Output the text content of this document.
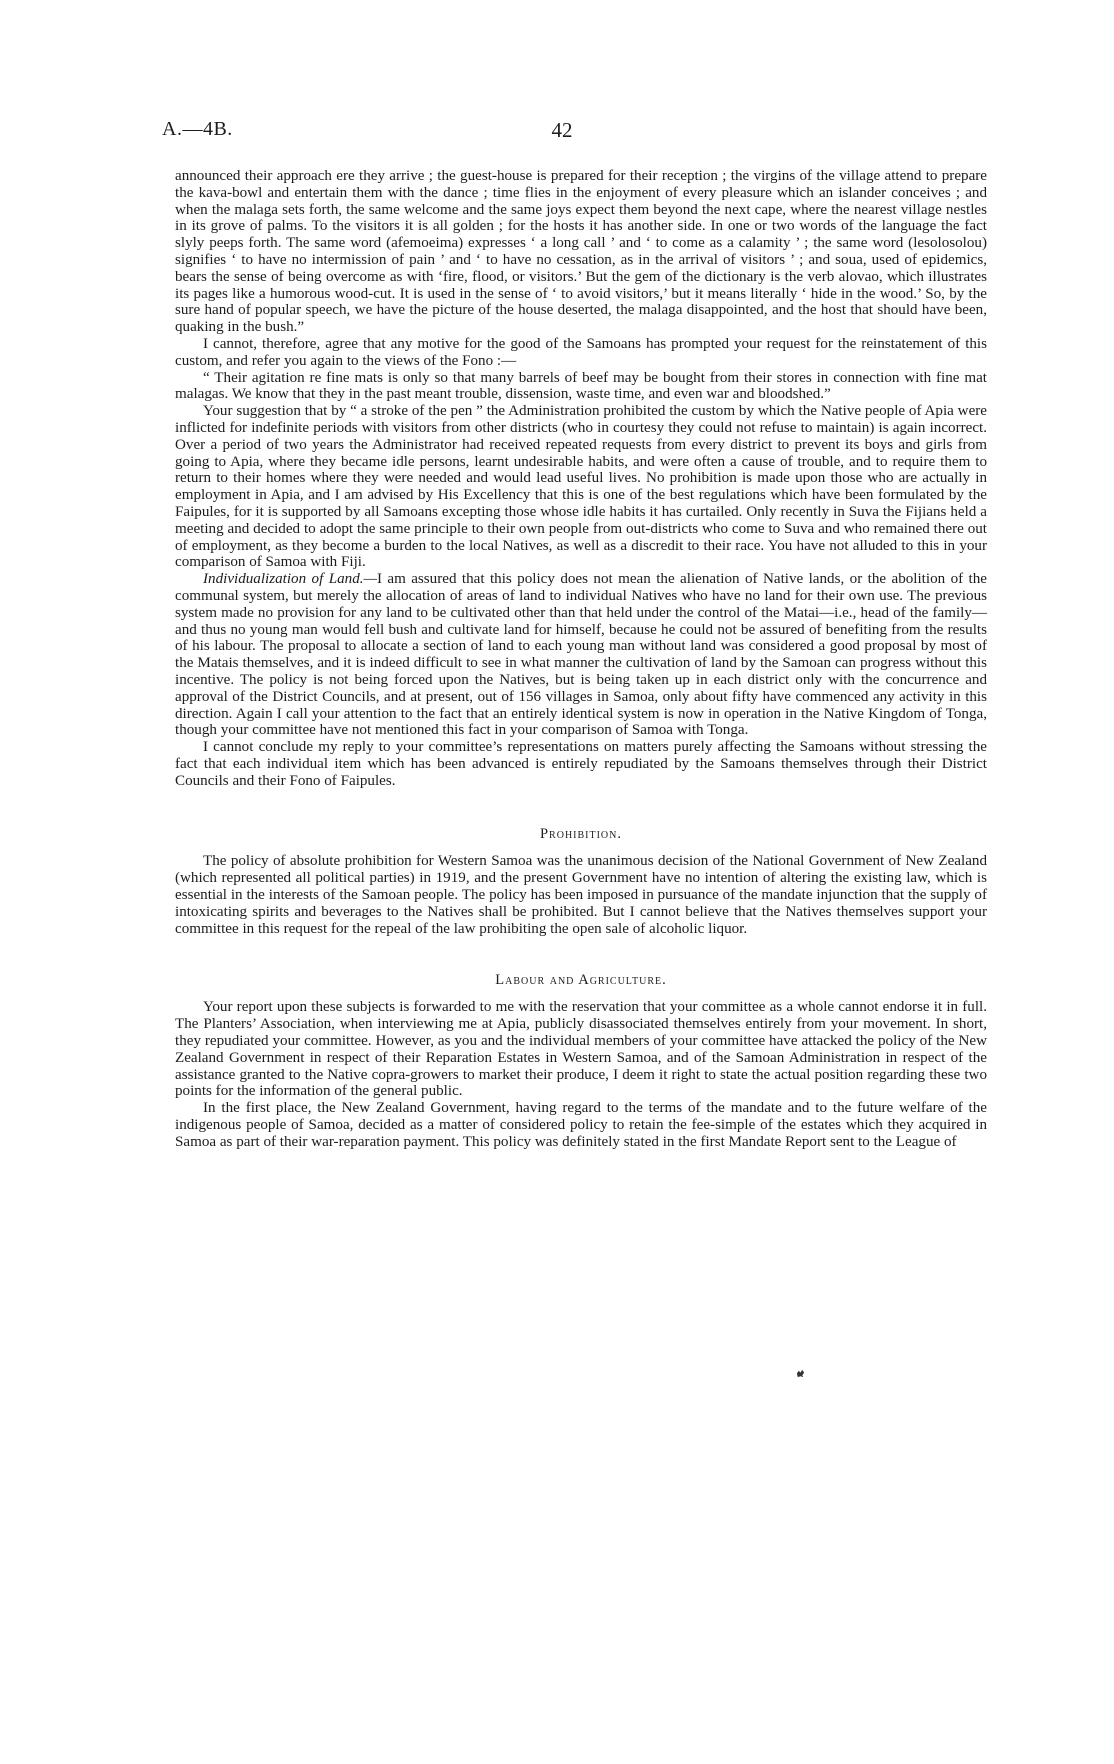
A.—4B.	42

announced their approach ere they arrive ; the guest-house is prepared for their reception ; the virgins of the village attend to prepare the kava-bowl and entertain them with the dance ; time flies in the enjoyment of every pleasure which an islander conceives ; and when the malaga sets forth, the same welcome and the same joys expect them beyond the next cape, where the nearest village nestles in its grove of palms. To the visitors it is all golden ; for the hosts it has another side. In one or two words of the language the fact slyly peeps forth. The same word (afemoeima) expresses ‘ a long call ’ and ‘ to come as a calamity ’ ; the same word (lesolosolou) signifies ‘ to have no intermission of pain ’ and ‘ to have no cessation, as in the arrival of visitors ’ ; and soua, used of epidemics, bears the sense of being overcome as with ‘fire, flood, or visitors.’ But the gem of the dictionary is the verb alovao, which illustrates its pages like a humorous wood-cut. It is used in the sense of ‘ to avoid visitors,’ but it means literally ‘ hide in the wood.’ So, by the sure hand of popular speech, we have the picture of the house deserted, the malaga disappointed, and the host that should have been, quaking in the bush.”

I cannot, therefore, agree that any motive for the good of the Samoans has prompted your request for the reinstatement of this custom, and refer you again to the views of the Fono :—

“ Their agitation re fine mats is only so that many barrels of beef may be bought from their stores in connection with fine mat malagas. We know that they in the past meant trouble, dissension, waste time, and even war and bloodshed.”

Your suggestion that by “ a stroke of the pen ” the Administration prohibited the custom by which the Native people of Apia were inflicted for indefinite periods with visitors from other districts (who in courtesy they could not refuse to maintain) is again incorrect. Over a period of two years the Administrator had received repeated requests from every district to prevent its boys and girls from going to Apia, where they became idle persons, learnt undesirable habits, and were often a cause of trouble, and to require them to return to their homes where they were needed and would lead useful lives. No prohibition is made upon those who are actually in employment in Apia, and I am advised by His Excellency that this is one of the best regulations which have been formulated by the Faipules, for it is supported by all Samoans excepting those whose idle habits it has curtailed. Only recently in Suva the Fijians held a meeting and decided to adopt the same principle to their own people from out-districts who come to Suva and who remained there out of employment, as they become a burden to the local Natives, as well as a discredit to their race. You have not alluded to this in your comparison of Samoa with Fiji.

Individualization of Land.—I am assured that this policy does not mean the alienation of Native lands, or the abolition of the communal system, but merely the allocation of areas of land to individual Natives who have no land for their own use. The previous system made no provision for any land to be cultivated other than that held under the control of the Matai—i.e., head of the family—and thus no young man would fell bush and cultivate land for himself, because he could not be assured of benefiting from the results of his labour. The proposal to allocate a section of land to each young man without land was considered a good proposal by most of the Matais themselves, and it is indeed difficult to see in what manner the cultivation of land by the Samoan can progress without this incentive. The policy is not being forced upon the Natives, but is being taken up in each district only with the concurrence and approval of the District Councils, and at present, out of 156 villages in Samoa, only about fifty have commenced any activity in this direction. Again I call your attention to the fact that an entirely identical system is now in operation in the Native Kingdom of Tonga, though your committee have not mentioned this fact in your comparison of Samoa with Tonga.

I cannot conclude my reply to your committee’s representations on matters purely affecting the Samoans without stressing the fact that each individual item which has been advanced is entirely repudiated by the Samoans themselves through their District Councils and their Fono of Faipules.

Prohibition.

The policy of absolute prohibition for Western Samoa was the unanimous decision of the National Government of New Zealand (which represented all political parties) in 1919, and the present Government have no intention of altering the existing law, which is essential in the interests of the Samoan people. The policy has been imposed in pursuance of the mandate injunction that the supply of intoxicating spirits and beverages to the Natives shall be prohibited. But I cannot believe that the Natives themselves support your committee in this request for the repeal of the law prohibiting the open sale of alcoholic liquor.

Labour and Agriculture.

Your report upon these subjects is forwarded to me with the reservation that your committee as a whole cannot endorse it in full. The Planters’ Association, when interviewing me at Apia, publicly disassociated themselves entirely from your movement. In short, they repudiated your committee. However, as you and the individual members of your committee have attacked the policy of the New Zealand Government in respect of their Reparation Estates in Western Samoa, and of the Samoan Administration in respect of the assistance granted to the Native copra-growers to market their produce, I deem it right to state the actual position regarding these two points for the information of the general public.

In the first place, the New Zealand Government, having regard to the terms of the mandate and to the future welfare of the indigenous people of Samoa, decided as a matter of considered policy to retain the fee-simple of the estates which they acquired in Samoa as part of their war-reparation payment. This policy was definitely stated in the first Mandate Report sent to the League of
